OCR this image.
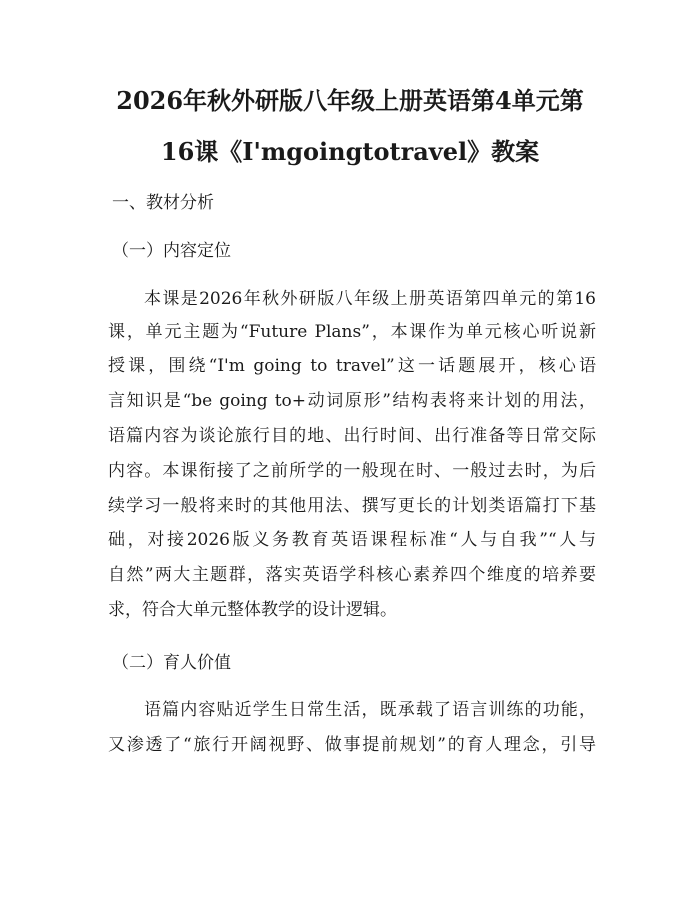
2026年秋外研版八年级上册英语第4单元第
16课《I'mgoingtotravel》教案

一、教材分析

（一）内容定位

本课是2026年秋外研版八年级上册英语第四单元的第16

课，单元主题为“Future Plans”，本课作为单元核心听说新

授课，围绕“I'm going to travel”这一话题展开，核心语

言知识是“be going to+动词原形”结构表将来计划的用法，

语篇内容为谈论旅行目的地、出行时间、出行准备等日常交际

内容。本课衔接了之前所学的一般现在时、一般过去时，为后

续学习一般将来时的其他用法、撰写更长的计划类语篇打下基

础，对接2026版义务教育英语课程标准“人与自我”“人与

自然”两大主题群，落实英语学科核心素养四个维度的培养要

求，符合大单元整体教学的设计逻辑。

（二）育人价值

语篇内容贴近学生日常生活，既承载了语言训练的功能，

又渗透了“旅行开阔视野、做事提前规划”的育人理念，引导
